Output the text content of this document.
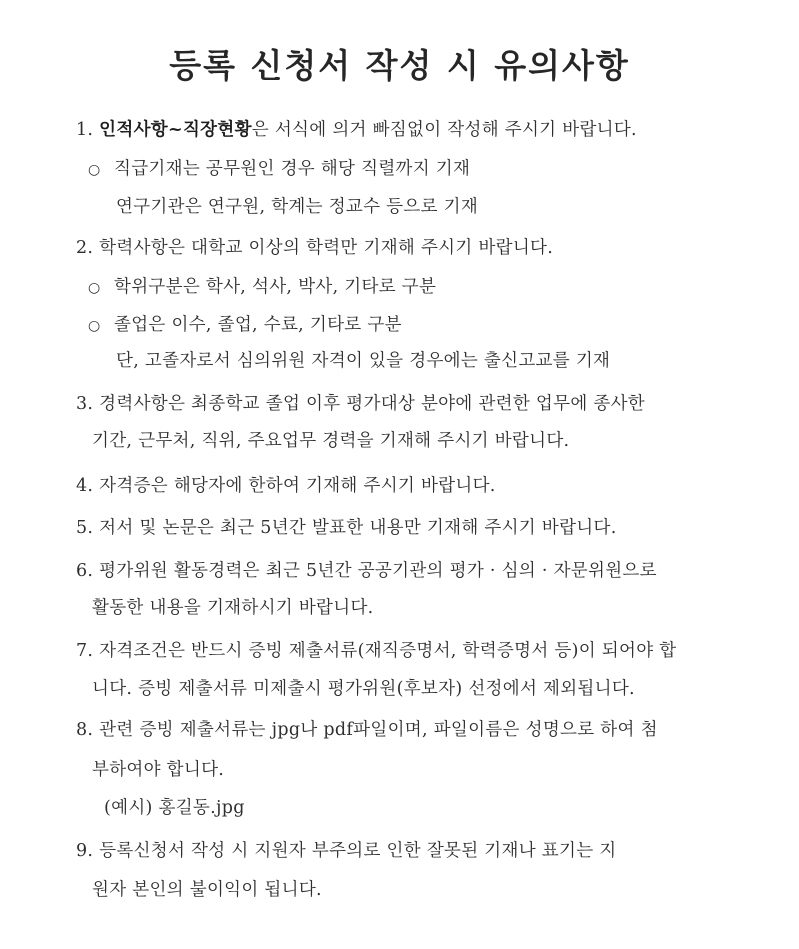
등록 신청서 작성 시 유의사항
1. 인적사항~직장현황은 서식에 의거 빠짐없이 작성해 주시기 바랍니다.
○ 직급기재는 공무원인 경우 해당 직렬까지 기재
연구기관은 연구원, 학계는 정교수 등으로 기재
2. 학력사항은 대학교 이상의 학력만 기재해 주시기 바랍니다.
○ 학위구분은 학사, 석사, 박사, 기타로 구분
○ 졸업은 이수, 졸업, 수료, 기타로 구분
단, 고졸자로서 심의위원 자격이 있을 경우에는 출신고교를 기재
3. 경력사항은 최종학교 졸업 이후 평가대상 분야에 관련한 업무에 종사한
기간, 근무처, 직위, 주요업무 경력을 기재해 주시기 바랍니다.
4. 자격증은 해당자에 한하여 기재해 주시기 바랍니다.
5. 저서 및 논문은 최근 5년간 발표한 내용만 기재해 주시기 바랍니다.
6. 평가위원 활동경력은 최근 5년간 공공기관의 평가 · 심의 · 자문위원으로
활동한 내용을 기재하시기 바랍니다.
7. 자격조건은 반드시 증빙 제출서류(재직증명서, 학력증명서 등)이 되어야 합
니다. 증빙 제출서류 미제출시 평가위원(후보자) 선정에서 제외됩니다.
8. 관련 증빙 제출서류는 jpg나 pdf파일이며, 파일이름은 성명으로 하여 첨
부하여야 합니다.
(예시) 홍길동.jpg
9. 등록신청서 작성 시 지원자 부주의로 인한 잘못된 기재나 표기는 지
원자 본인의 불이익이 됩니다.
